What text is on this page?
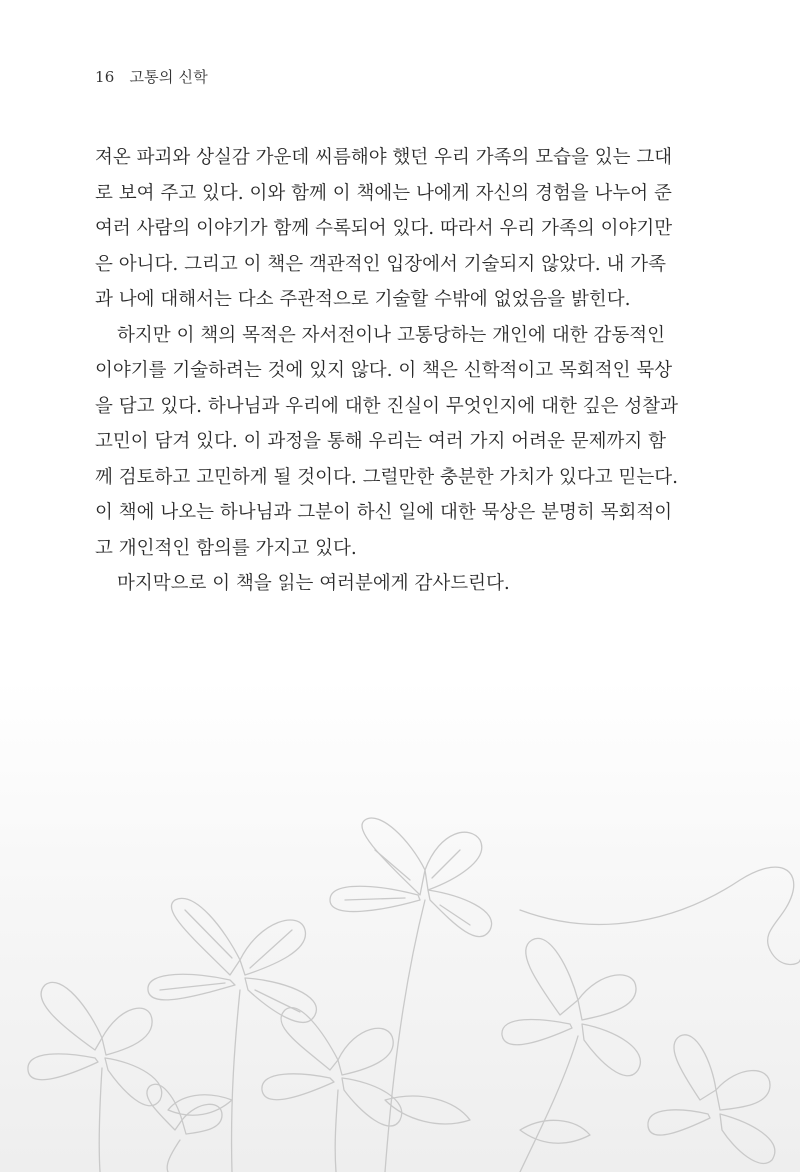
16 고통의 신학
져온 파괴와 상실감 가운데 씨름해야 했던 우리 가족의 모습을 있는 그대
로 보여 주고 있다. 이와 함께 이 책에는 나에게 자신의 경험을 나누어 준
여러 사람의 이야기가 함께 수록되어 있다. 따라서 우리 가족의 이야기만
은 아니다. 그리고 이 책은 객관적인 입장에서 기술되지 않았다. 내 가족
과 나에 대해서는 다소 주관적으로 기술할 수밖에 없었음을 밝힌다.
하지만 이 책의 목적은 자서전이나 고통당하는 개인에 대한 감동적인
이야기를 기술하려는 것에 있지 않다. 이 책은 신학적이고 목회적인 묵상
을 담고 있다. 하나님과 우리에 대한 진실이 무엇인지에 대한 깊은 성찰과
고민이 담겨 있다. 이 과정을 통해 우리는 여러 가지 어려운 문제까지 함
께 검토하고 고민하게 될 것이다. 그럴만한 충분한 가치가 있다고 믿는다.
이 책에 나오는 하나님과 그분이 하신 일에 대한 묵상은 분명히 목회적이
고 개인적인 함의를 가지고 있다.
마지막으로 이 책을 읽는 여러분에게 감사드린다.
